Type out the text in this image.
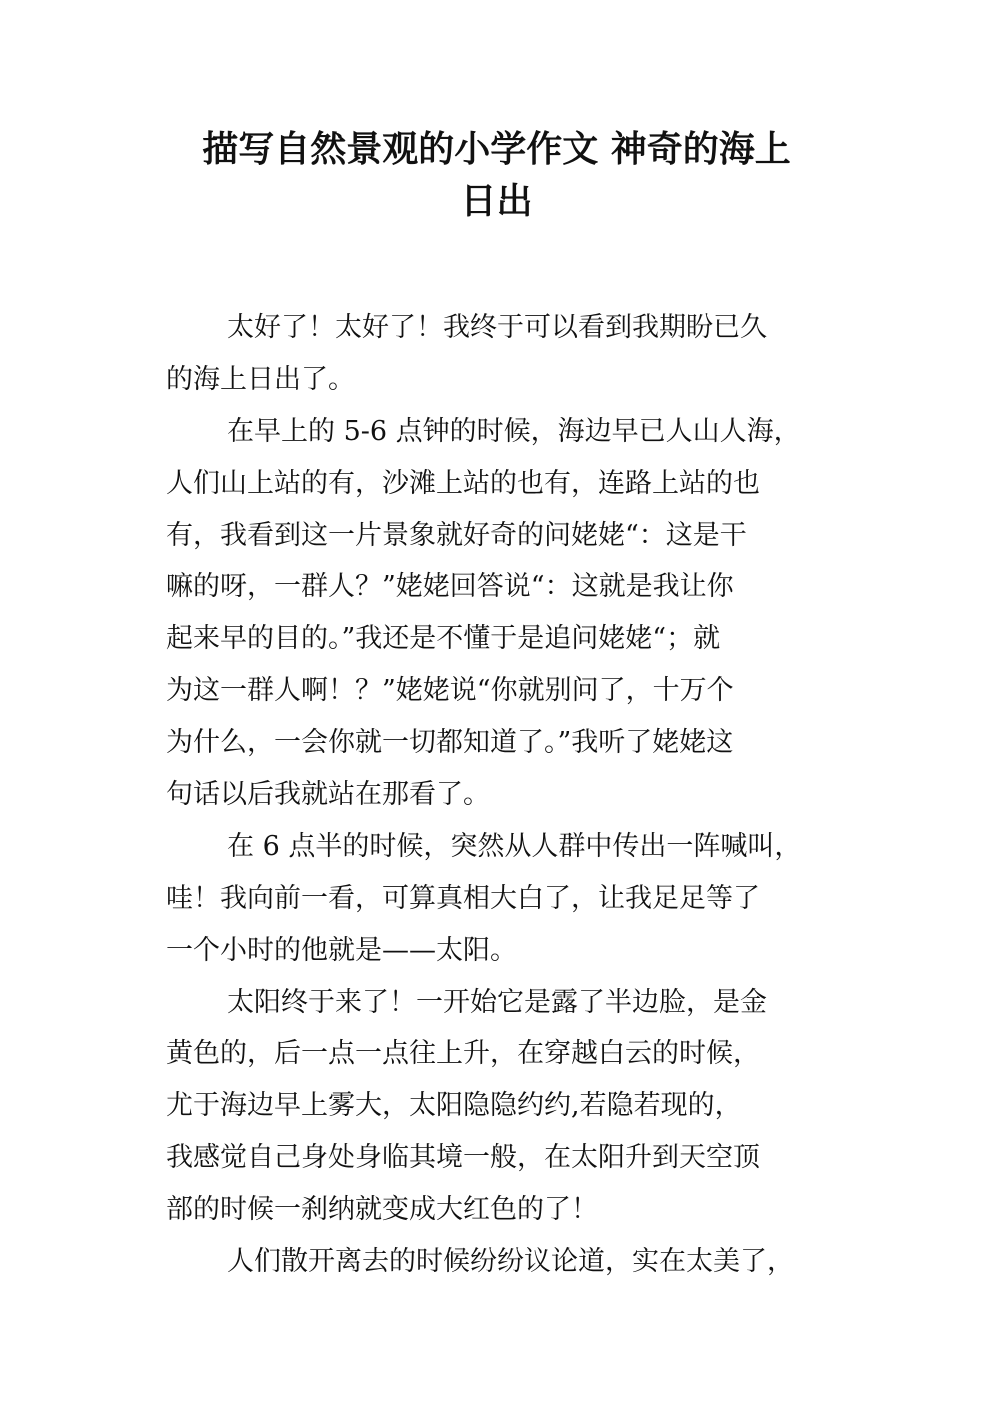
描写自然景观的小学作文 神奇的海上
日出
太好了！太好了！我终于可以看到我期盼已久
的海上日出了。
在早上的 5-6 点钟的时候，海边早已人山人海，
人们山上站的有，沙滩上站的也有，连路上站的也
有，我看到这一片景象就好奇的问姥姥“：这是干
嘛的呀，一群人？”姥姥回答说“：这就是我让你
起来早的目的。”我还是不懂于是追问姥姥“；就
为这一群人啊！？”姥姥说“你就别问了，十万个
为什么，一会你就一切都知道了。”我听了姥姥这
句话以后我就站在那看了。
在 6 点半的时候，突然从人群中传出一阵喊叫，
哇！我向前一看，可算真相大白了，让我足足等了
一个小时的他就是——太阳。
太阳终于来了！一开始它是露了半边脸，是金
黄色的，后一点一点往上升，在穿越白云的时候，
尤于海边早上雾大，太阳隐隐约约,若隐若现的，
我感觉自己身处身临其境一般，在太阳升到天空顶
部的时候一刹纳就变成大红色的了！
人们散开离去的时候纷纷议论道，实在太美了，
